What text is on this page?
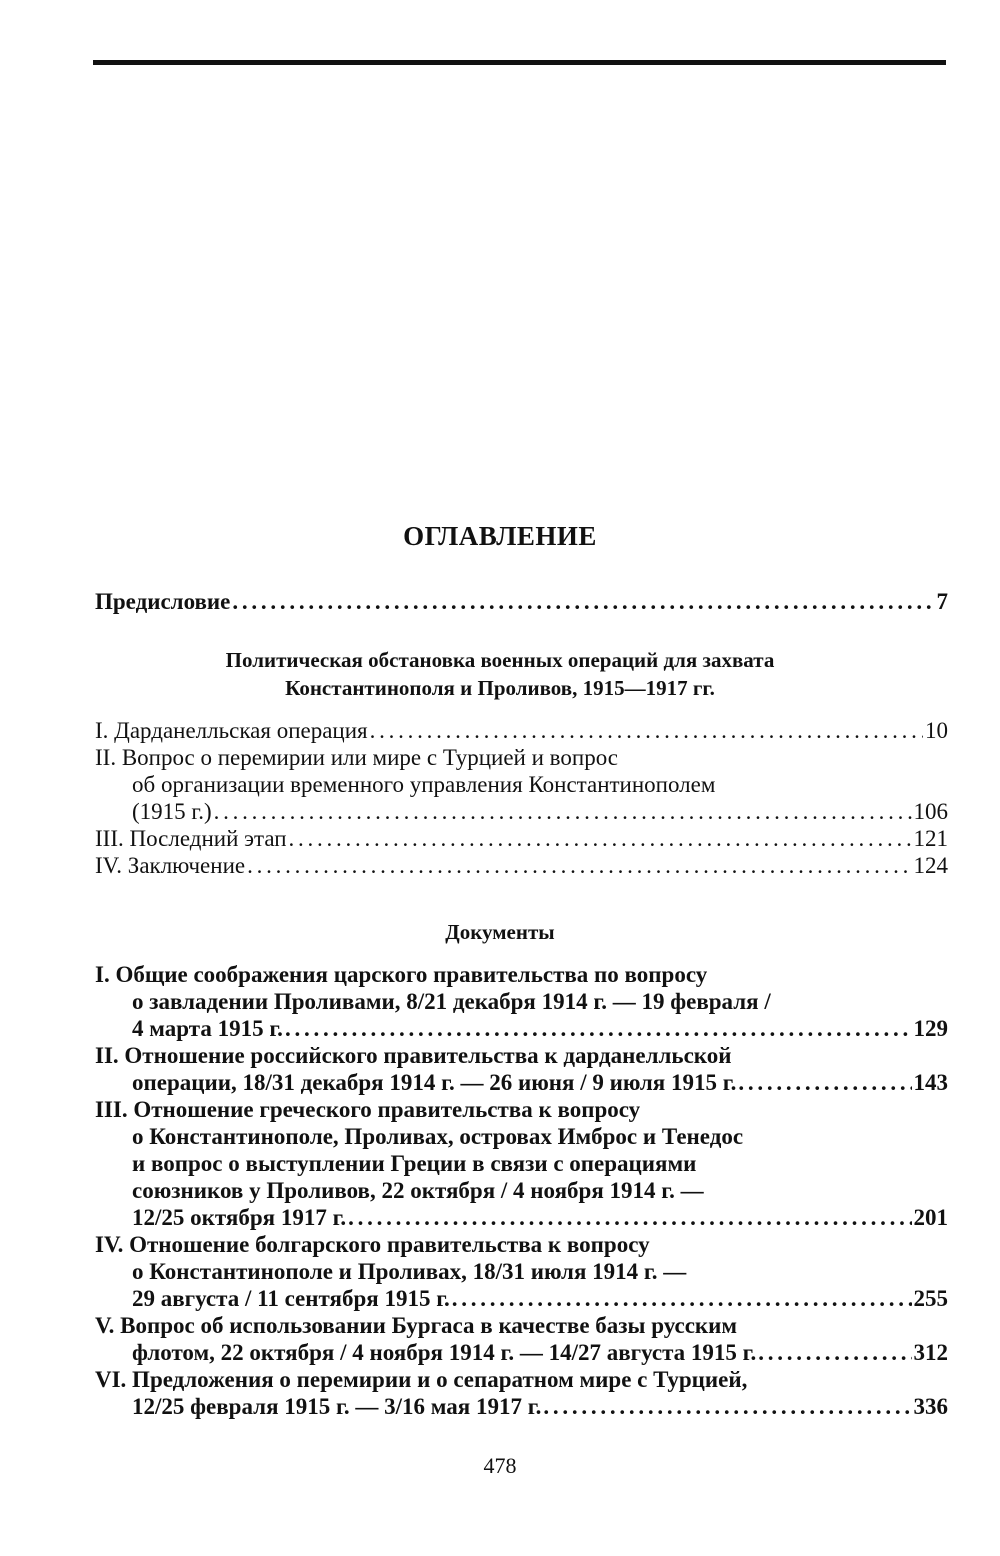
ОГЛАВЛЕНИЕ
Предисловие . . .	7
Политическая обстановка военных операций для захвата
Константинополя и Проливов, 1915—1917 гг.
I. Дарданелльская операция . . .	10
II. Вопрос о перемирии или мире с Турцией и вопрос
об организации временного управления Константинополем
(1915 г.) . . .	106
III. Последний этап . . .	121
IV. Заключение . . .	124
Документы
I. Общие соображения царского правительства по вопросу
о завладении Проливами, 8/21 декабря 1914 г. — 19 февраля /
4 марта 1915 г. . . .	129
II. Отношение российского правительства к дарданелльской
операции, 18/31 декабря 1914 г. — 26 июня / 9 июля 1915 г. . . .	143
III. Отношение греческого правительства к вопросу
о Константинополе, Проливах, островах Имброс и Тенедос
и вопрос о выступлении Греции в связи с операциями
союзников у Проливов, 22 октября / 4 ноября 1914 г. —
12/25 октября 1917 г. . . .	201
IV. Отношение болгарского правительства к вопросу
о Константинополе и Проливах, 18/31 июля 1914 г. —
29 августа / 11 сентября 1915 г. . . .	255
V. Вопрос об использовании Бургаса в качестве базы русским
флотом, 22 октября / 4 ноября 1914 г. — 14/27 августа 1915 г. . . .	312
VI. Предложения о перемирии и о сепаратном мире с Турцией,
12/25 февраля 1915 г. — 3/16 мая 1917 г. . . .	336
478
